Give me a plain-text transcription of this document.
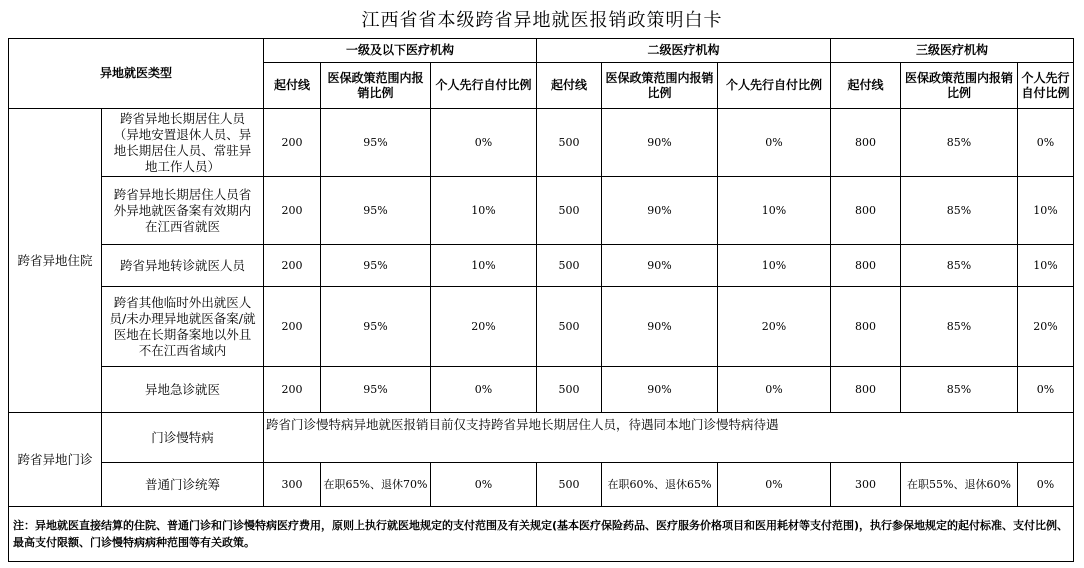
江西省省本级跨省异地就医报销政策明白卡
异地就医类型		一级及以下医疗机构			二级医疗机构			三级医疗机构		
		起付线	医保政策范围内报销比例	个人先行自付比例	起付线	医保政策范围内报销比例	个人先行自付比例	起付线	医保政策范围内报销比例	个人先行自付比例
跨省异地住院	跨省异地长期居住人员（异地安置退休人员、异地长期居住人员、常驻异地工作人员）	200	95%	0%	500	90%	0%	800	85%	0%
	跨省异地长期居住人员省外异地就医备案有效期内在江西省就医	200	95%	10%	500	90%	10%	800	85%	10%
	跨省异地转诊就医人员	200	95%	10%	500	90%	10%	800	85%	10%
	跨省其他临时外出就医人员/未办理异地就医备案/就医地在长期备案地以外且不在江西省域内	200	95%	20%	500	90%	20%	800	85%	20%
	异地急诊就医	200	95%	0%	500	90%	0%	800	85%	0%
跨省异地门诊	门诊慢特病	跨省门诊慢特病异地就医报销目前仅支持跨省异地长期居住人员，待遇同本地门诊慢特病待遇								
	普通门诊统筹	300	在职65%、退休70%	0%	500	在职60%、退休65%	0%	300	在职55%、退休60%	0%
注：异地就医直接结算的住院、普通门诊和门诊慢特病医疗费用，原则上执行就医地规定的支付范围及有关规定(基本医疗保险药品、医疗服务价格项目和医用耗材等支付范围)，执行参保地规定的起付标准、支付比例、最高支付限额、门诊慢特病病种范围等有关政策。										
